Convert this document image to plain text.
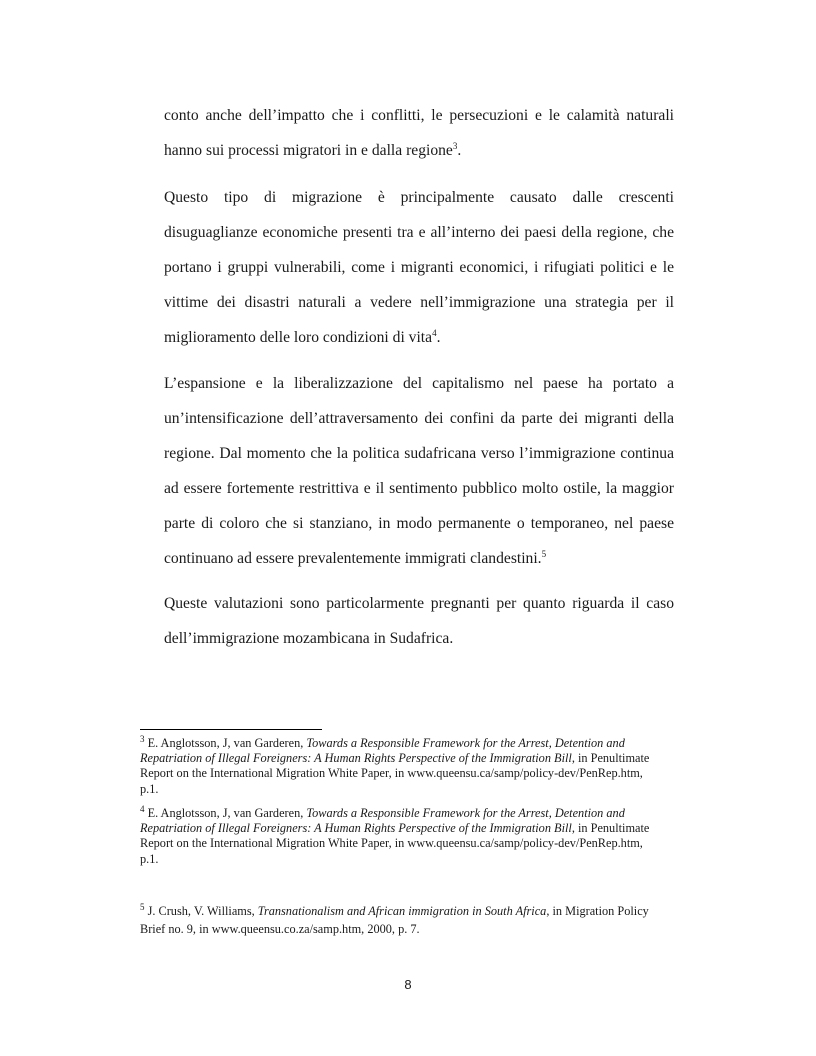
conto anche dell’impatto che i conflitti, le persecuzioni e le calamità naturali hanno sui processi migratori in e dalla regione$^3$.

Questo tipo di migrazione è principalmente causato dalle crescenti disuguaglianze economiche presenti tra e all’interno dei paesi della regione, che portano i gruppi vulnerabili, come i migranti economici, i rifugiati politici e le vittime dei disastri naturali a vedere nell’immigrazione una strategia per il miglioramento delle loro condizioni di vita$^4$.

L’espansione e la liberalizzazione del capitalismo nel paese ha portato a un’intensificazione dell’attraversamento dei confini da parte dei migranti della regione. Dal momento che la politica sudafricana verso l’immigrazione continua ad essere fortemente restrittiva e il sentimento pubblico molto ostile, la maggior parte di coloro che si stanziano, in modo permanente o temporaneo, nel paese continuano ad essere prevalentemente immigrati clandestini.$^5$

Queste valutazioni sono particolarmente pregnanti per quanto riguarda il caso dell’immigrazione mozambicana in Sudafrica.

$^3$ E. Anglotsson, J, van Garderen, Towards a Responsible Framework for the Arrest, Detention and Repatriation of Illegal Foreigners: A Human Rights Perspective of the Immigration Bill, in Penultimate Report on the International Migration White Paper, in www.queensu.ca/samp/policy-dev/PenRep.htm, p.1.

$^4$ E. Anglotsson, J, van Garderen, Towards a Responsible Framework for the Arrest, Detention and Repatriation of Illegal Foreigners: A Human Rights Perspective of the Immigration Bill, in Penultimate Report on the International Migration White Paper, in www.queensu.ca/samp/policy-dev/PenRep.htm, p.1.

$^5$ J. Crush, V. Williams, Transnationalism and African immigration in South Africa, in Migration Policy Brief no. 9, in www.queensu.co.za/samp.htm, 2000, p. 7.

8
